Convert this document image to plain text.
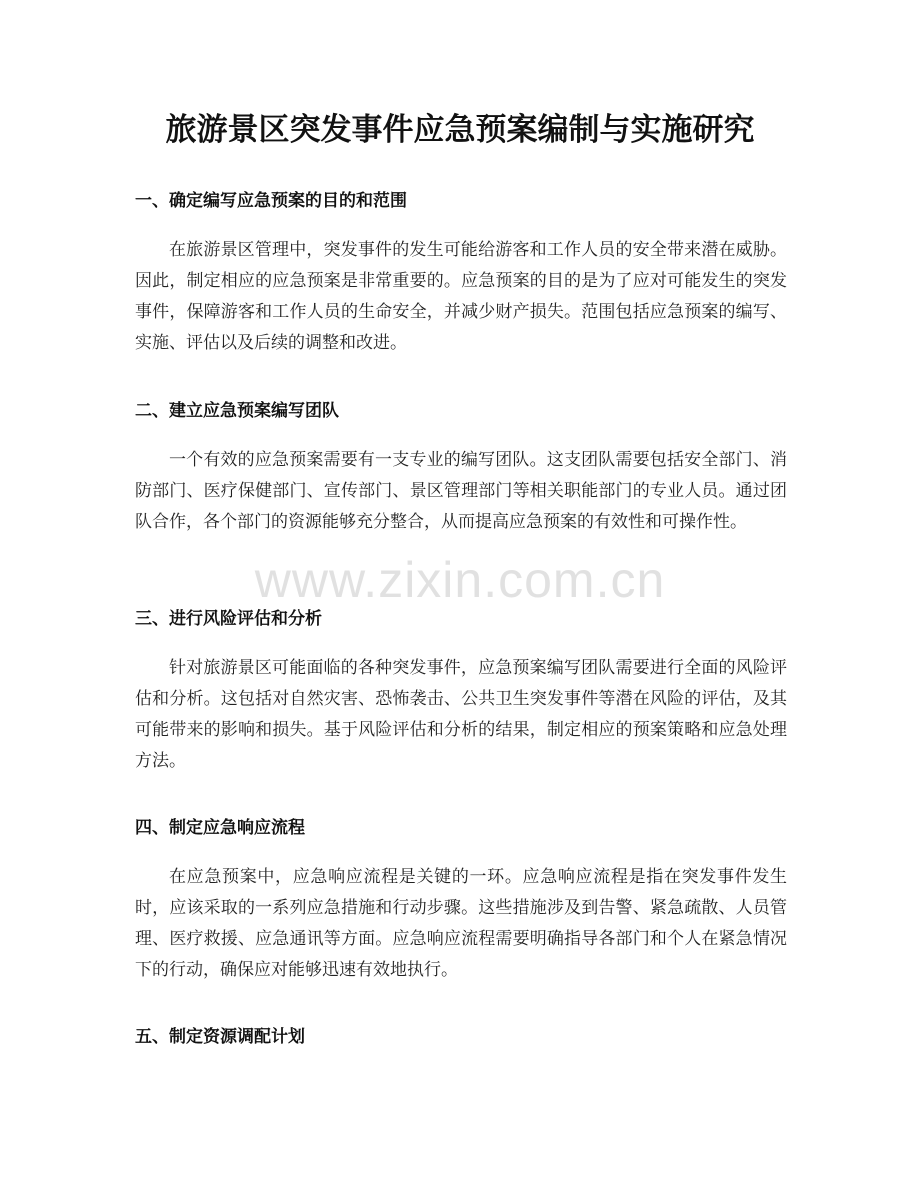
旅游景区突发事件应急预案编制与实施研究
一、确定编写应急预案的目的和范围

在旅游景区管理中，突发事件的发生可能给游客和工作人员的安全带来潜在威胁。因此，制定相应的应急预案是非常重要的。应急预案的目的是为了应对可能发生的突发事件，保障游客和工作人员的生命安全，并减少财产损失。范围包括应急预案的编写、实施、评估以及后续的调整和改进。

二、建立应急预案编写团队

一个有效的应急预案需要有一支专业的编写团队。这支团队需要包括安全部门、消防部门、医疗保健部门、宣传部门、景区管理部门等相关职能部门的专业人员。通过团队合作，各个部门的资源能够充分整合，从而提高应急预案的有效性和可操作性。

三、进行风险评估和分析

针对旅游景区可能面临的各种突发事件，应急预案编写团队需要进行全面的风险评估和分析。这包括对自然灾害、恐怖袭击、公共卫生突发事件等潜在风险的评估，及其可能带来的影响和损失。基于风险评估和分析的结果，制定相应的预案策略和应急处理方法。

四、制定应急响应流程

在应急预案中，应急响应流程是关键的一环。应急响应流程是指在突发事件发生时，应该采取的一系列应急措施和行动步骤。这些措施涉及到告警、紧急疏散、人员管理、医疗救援、应急通讯等方面。应急响应流程需要明确指导各部门和个人在紧急情况下的行动，确保应对能够迅速有效地执行。

五、制定资源调配计划
www.zixin.com.cn
